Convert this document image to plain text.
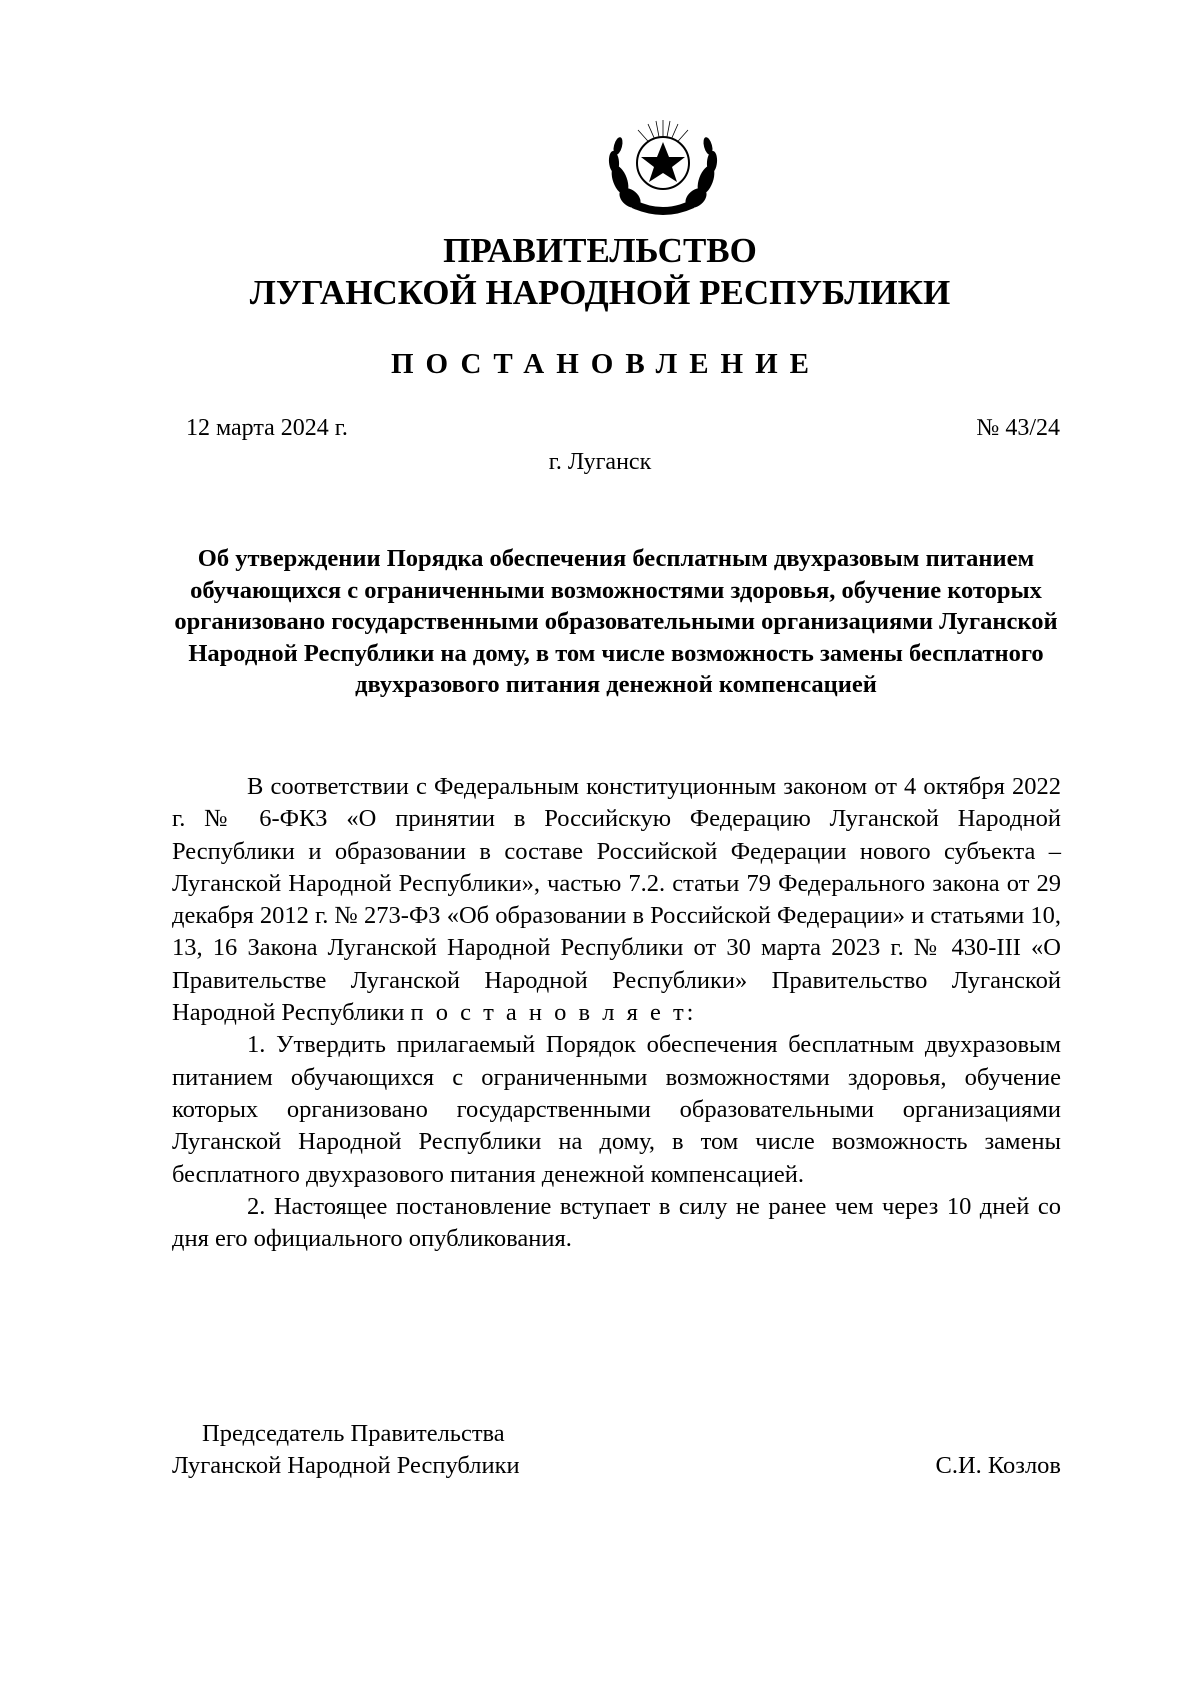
ПРАВИТЕЛЬСТВО
ЛУГАНСКОЙ НАРОДНОЙ РЕСПУБЛИКИ
ПОСТАНОВЛЕНИЕ

12 марта 2024 г.	№ 43/24

г. Луганск

Об утверждении Порядка обеспечения бесплатным двухразовым питанием обучающихся с ограниченными возможностями здоровья, обучение которых организовано государственными образовательными организациями Луганской Народной Республики на дому, в том числе возможность замены бесплатного двухразового питания денежной компенсацией

В соответствии с Федеральным конституционным законом от 4 октября 2022 г. № 6-ФКЗ «О принятии в Российскую Федерацию Луганской Народной Республики и образовании в составе Российской Федерации нового субъекта – Луганской Народной Республики», частью 7.2. статьи 79 Федерального закона от 29 декабря 2012 г. № 273-ФЗ «Об образовании в Российской Федерации» и статьями 10, 13, 16 Закона Луганской Народной Республики от 30 марта 2023 г. № 430-III «О Правительстве Луганской Народной Республики» Правительство Луганской Народной Республики п о с т а н о в л я е т:

1. Утвердить прилагаемый Порядок обеспечения бесплатным двухразовым питанием обучающихся с ограниченными возможностями здоровья, обучение которых организовано государственными образовательными организациями Луганской Народной Республики на дому, в том числе возможность замены бесплатного двухразового питания денежной компенсацией.

2. Настоящее постановление вступает в силу не ранее чем через 10 дней со дня его официального опубликования.

Председатель Правительства
Луганской Народной Республики	С.И. Козлов
